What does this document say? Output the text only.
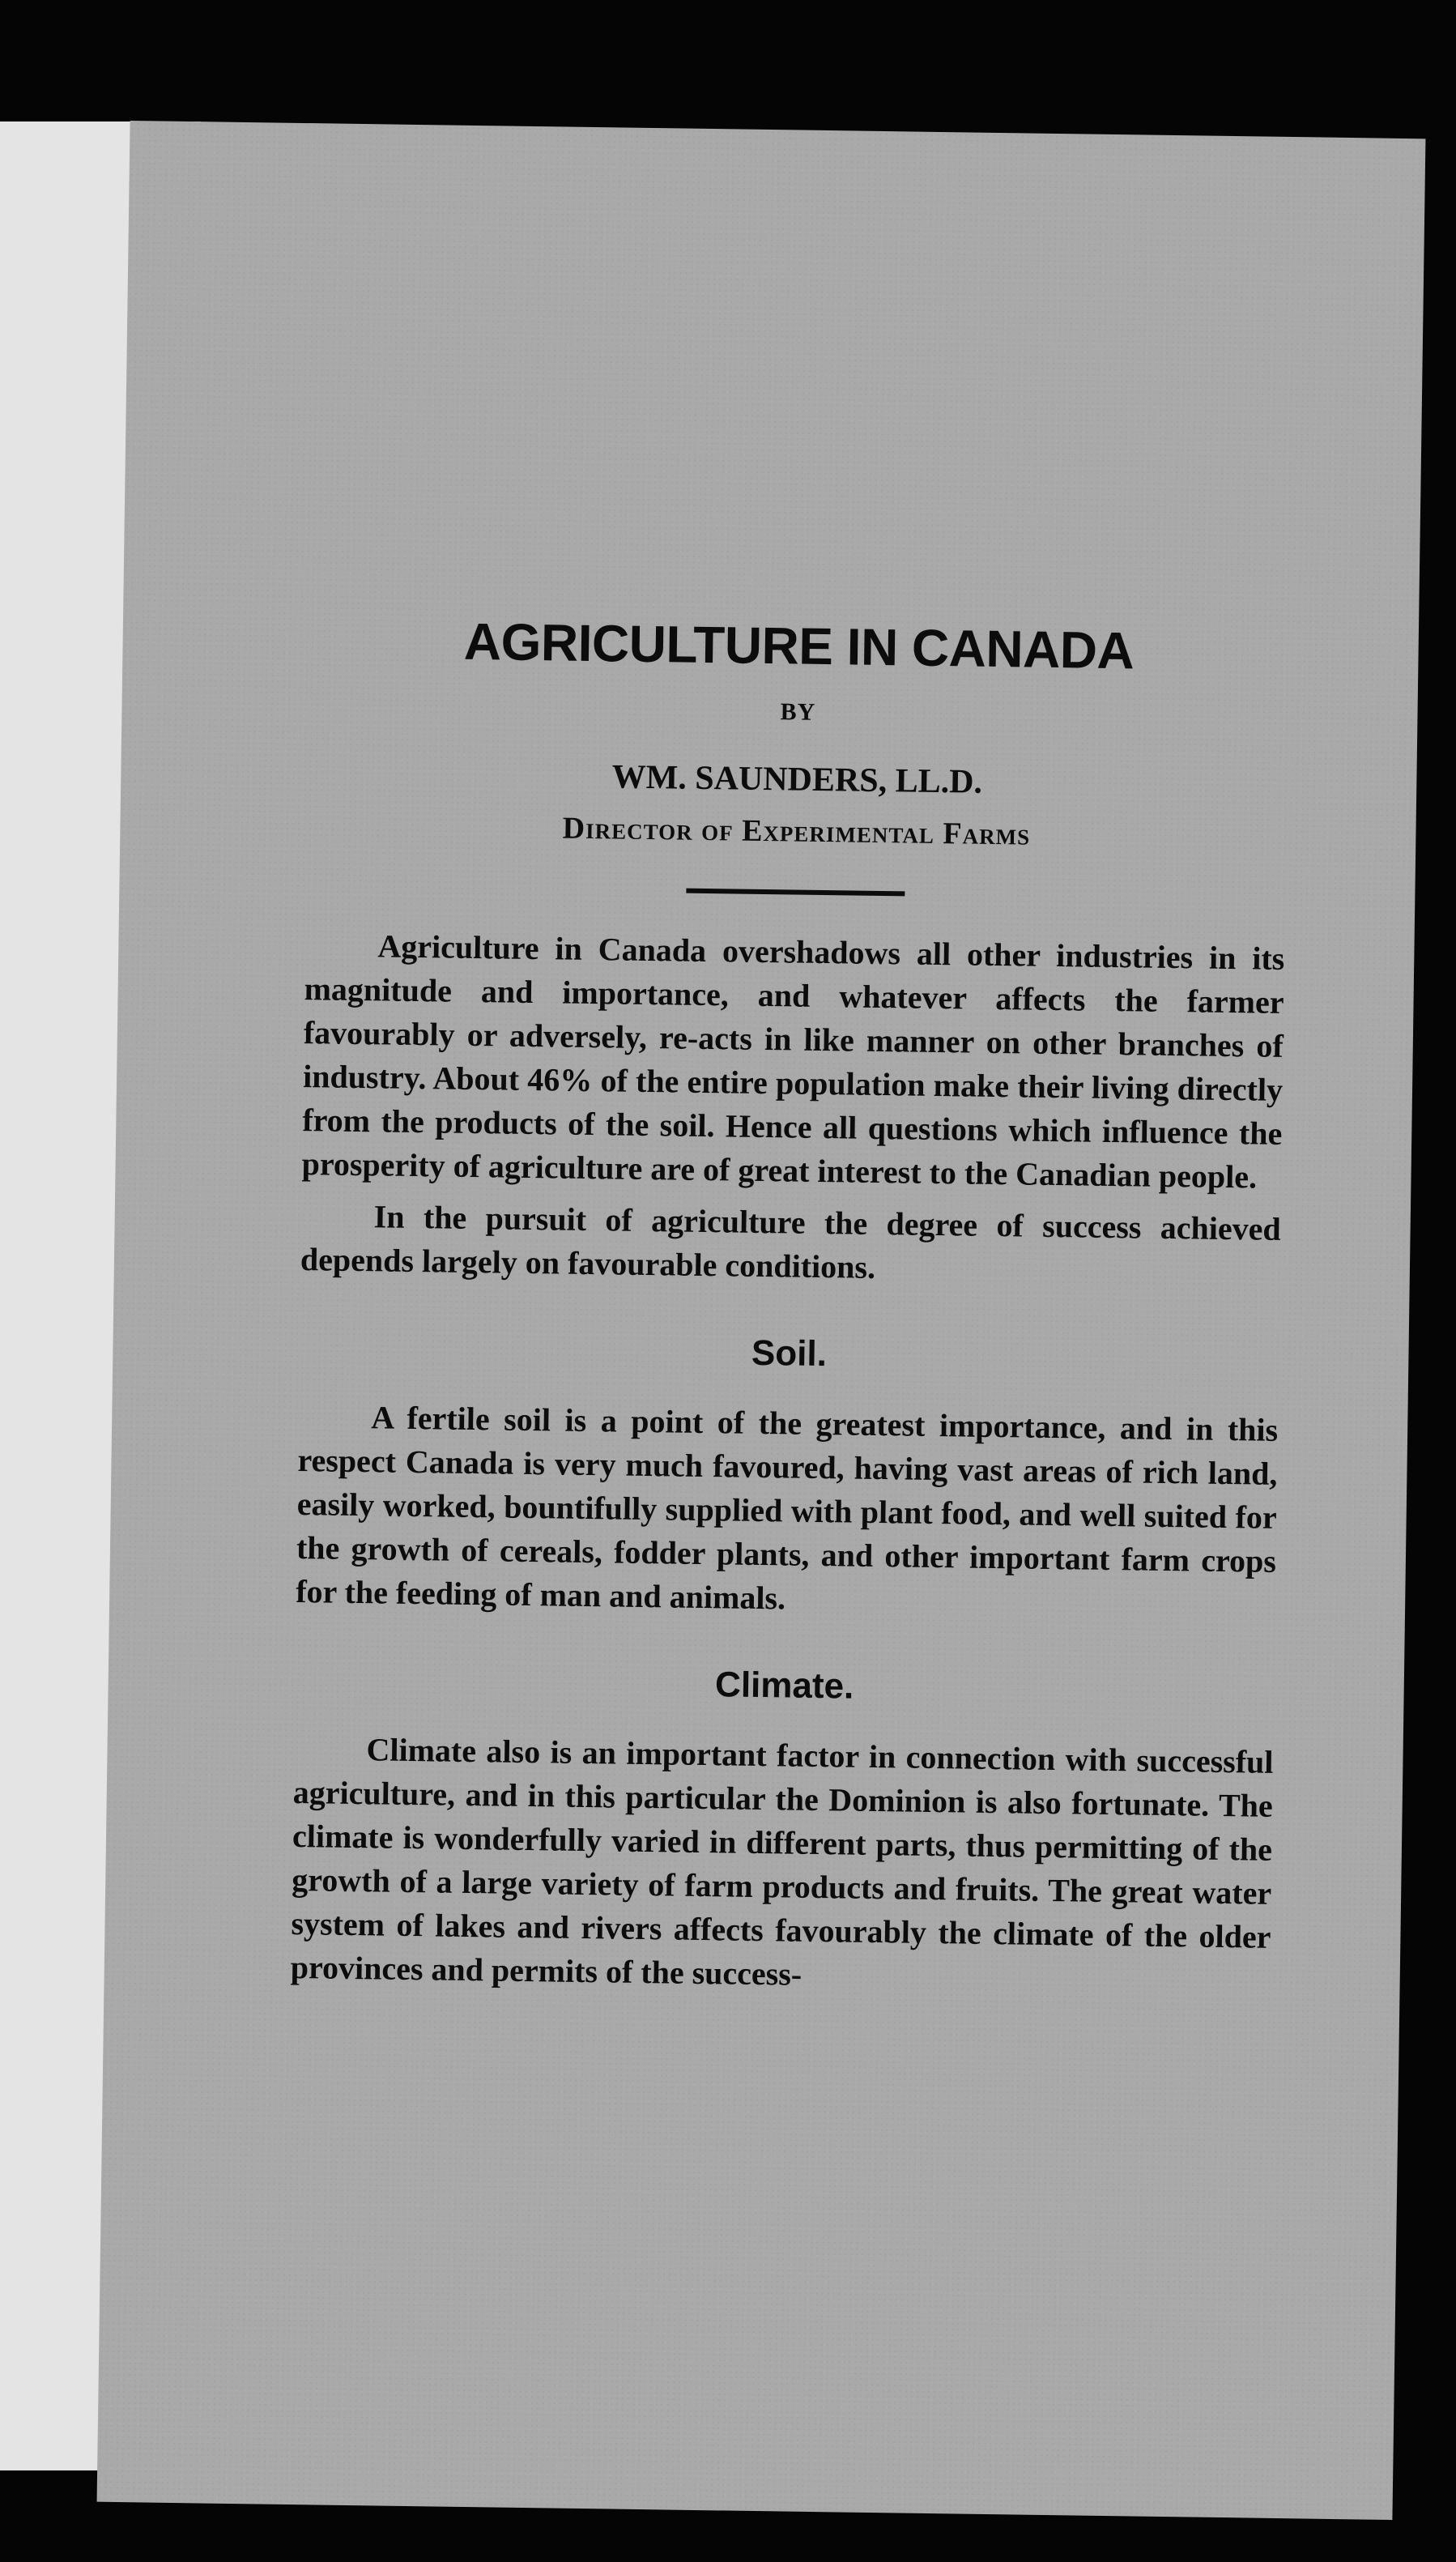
AGRICULTURE IN CANADA
BY
WM. SAUNDERS, LL.D.
Director of Experimental Farms

Agriculture in Canada overshadows all other industries in its magnitude and importance, and whatever affects the farmer favourably or adversely, re-acts in like manner on other branches of industry. About 46% of the entire population make their living directly from the products of the soil. Hence all questions which influence the prosperity of agriculture are of great interest to the Canadian people.

In the pursuit of agriculture the degree of success achieved depends largely on favourable conditions.

Soil.

A fertile soil is a point of the greatest importance, and in this respect Canada is very much favoured, having vast areas of rich land, easily worked, bountifully supplied with plant food, and well suited for the growth of cereals, fodder plants, and other important farm crops for the feeding of man and animals.

Climate.

Climate also is an important factor in connection with successful agriculture, and in this particular the Dominion is also fortunate. The climate is wonderfully varied in different parts, thus permitting of the growth of a large variety of farm products and fruits. The great water system of lakes and rivers affects favourably the climate of the older provinces and permits of the success-
